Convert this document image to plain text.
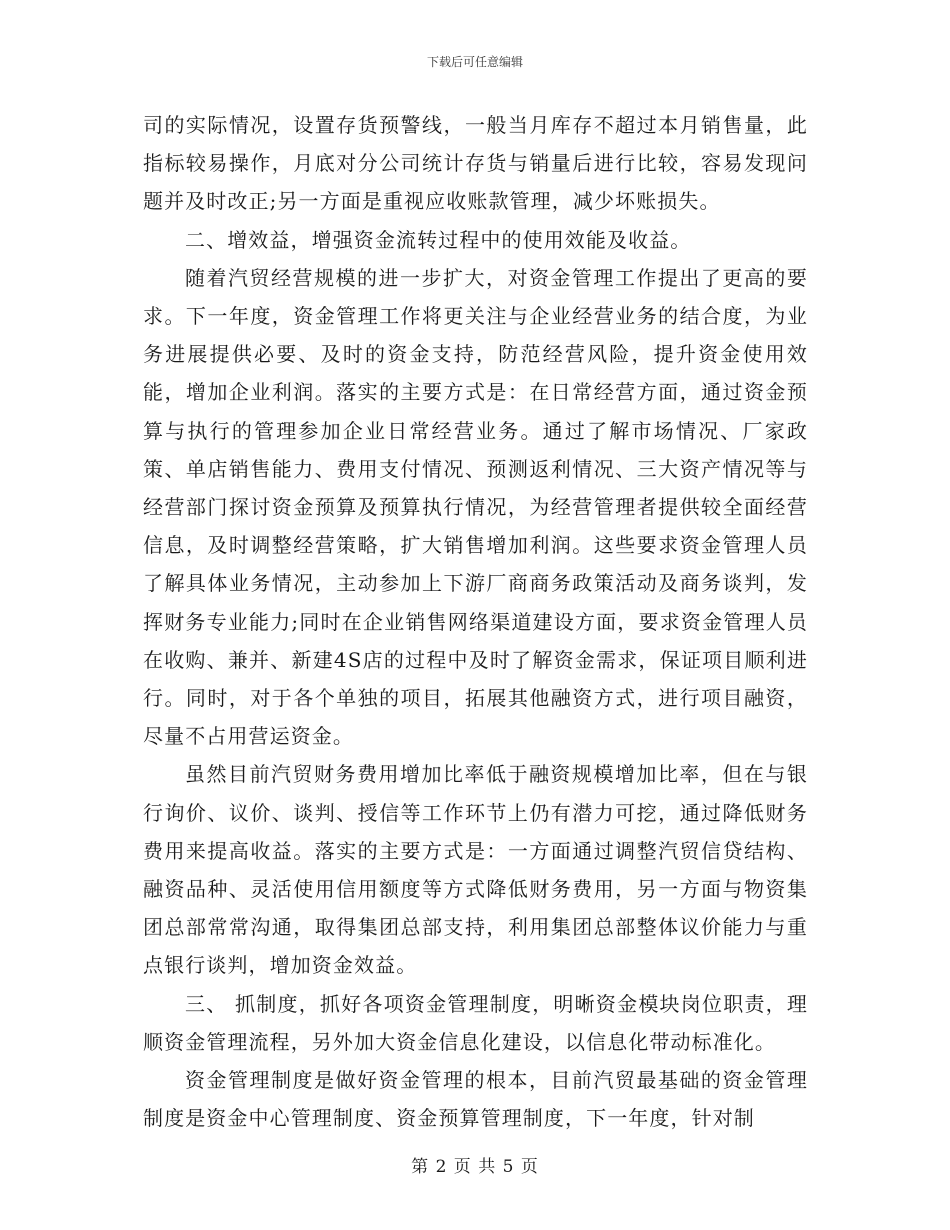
下载后可任意编辑

司的实际情况，设置存货预警线，一般当月库存不超过本月销售量，此指标较易操作，月底对分公司统计存货与销量后进行比较，容易发现问题并及时改正;另一方面是重视应收账款管理，减少坏账损失。

二、增效益，增强资金流转过程中的使用效能及收益。

随着汽贸经营规模的进一步扩大，对资金管理工作提出了更高的要求。下一年度，资金管理工作将更关注与企业经营业务的结合度，为业务进展提供必要、及时的资金支持，防范经营风险，提升资金使用效能，增加企业利润。落实的主要方式是：在日常经营方面，通过资金预算与执行的管理参加企业日常经营业务。通过了解市场情况、厂家政策、单店销售能力、费用支付情况、预测返利情况、三大资产情况等与经营部门探讨资金预算及预算执行情况，为经营管理者提供较全面经营信息，及时调整经营策略，扩大销售增加利润。这些要求资金管理人员了解具体业务情况，主动参加上下游厂商商务政策活动及商务谈判，发挥财务专业能力;同时在企业销售网络渠道建设方面，要求资金管理人员在收购、兼并、新建4S店的过程中及时了解资金需求，保证项目顺利进行。同时，对于各个单独的项目，拓展其他融资方式，进行项目融资，尽量不占用营运资金。

虽然目前汽贸财务费用增加比率低于融资规模增加比率，但在与银行询价、议价、谈判、授信等工作环节上仍有潜力可挖，通过降低财务费用来提高收益。落实的主要方式是：一方面通过调整汽贸信贷结构、融资品种、灵活使用信用额度等方式降低财务费用，另一方面与物资集团总部常常沟通，取得集团总部支持，利用集团总部整体议价能力与重点银行谈判，增加资金效益。

三、 抓制度，抓好各项资金管理制度，明晰资金模块岗位职责，理顺资金管理流程，另外加大资金信息化建设，以信息化带动标准化。

资金管理制度是做好资金管理的根本，目前汽贸最基础的资金管理制度是资金中心管理制度、资金预算管理制度，下一年度，针对制

第 2 页 共 5 页
